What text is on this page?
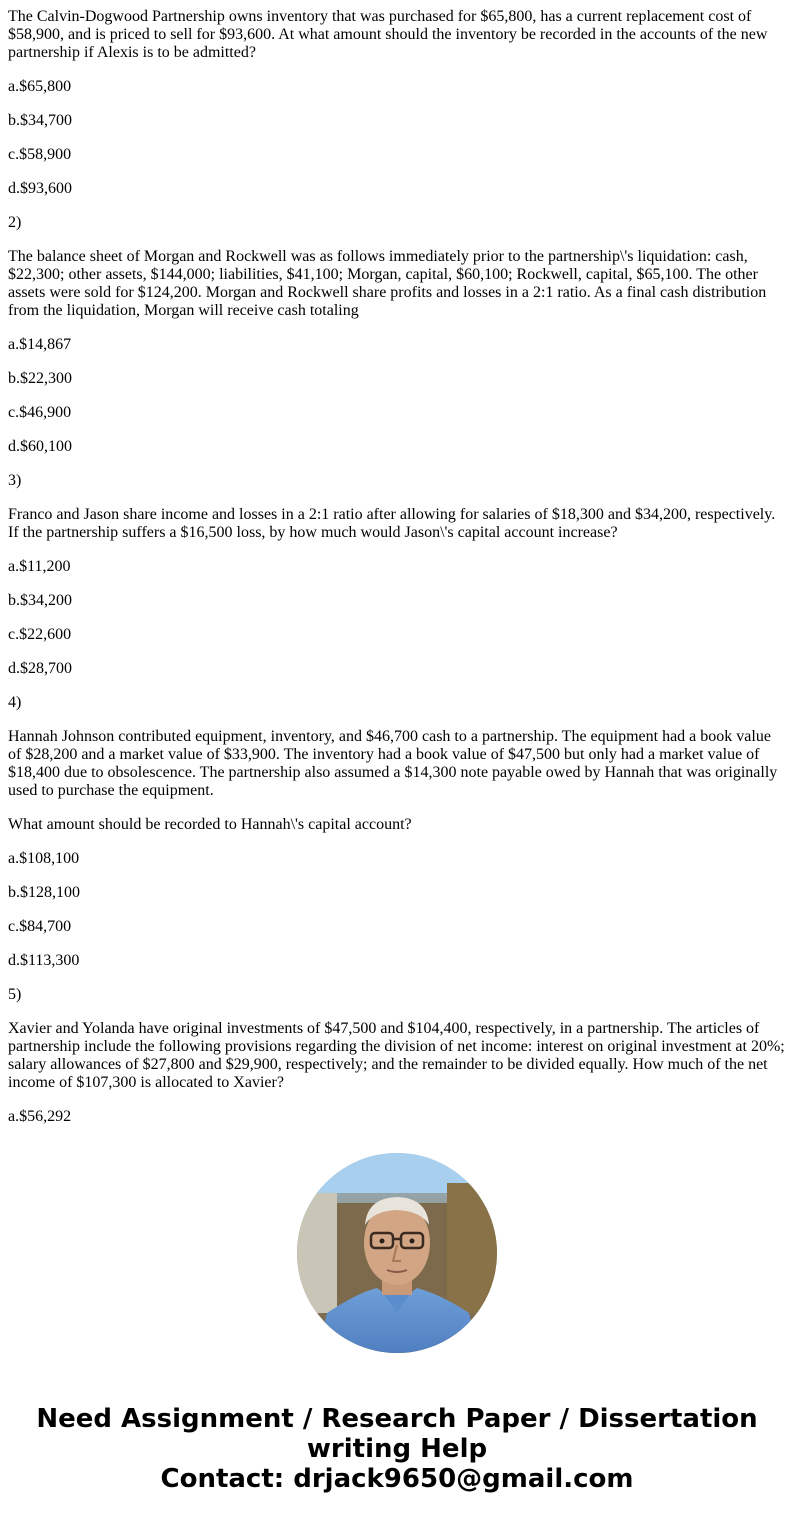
The Calvin-Dogwood Partnership owns inventory that was purchased for $65,800, has a current replacement cost of $58,900, and is priced to sell for $93,600. At what amount should the inventory be recorded in the accounts of the new partnership if Alexis is to be admitted?

a.$65,800

b.$34,700

c.$58,900

d.$93,600

2)

The balance sheet of Morgan and Rockwell was as follows immediately prior to the partnership\'s liquidation: cash, $22,300; other assets, $144,000; liabilities, $41,100; Morgan, capital, $60,100; Rockwell, capital, $65,100. The other assets were sold for $124,200. Morgan and Rockwell share profits and losses in a 2:1 ratio. As a final cash distribution from the liquidation, Morgan will receive cash totaling

a.$14,867

b.$22,300

c.$46,900

d.$60,100

3)

Franco and Jason share income and losses in a 2:1 ratio after allowing for salaries of $18,300 and $34,200, respectively. If the partnership suffers a $16,500 loss, by how much would Jason\'s capital account increase?

a.$11,200

b.$34,200

c.$22,600

d.$28,700

4)

Hannah Johnson contributed equipment, inventory, and $46,700 cash to a partnership. The equipment had a book value of $28,200 and a market value of $33,900. The inventory had a book value of $47,500 but only had a market value of $18,400 due to obsolescence. The partnership also assumed a $14,300 note payable owed by Hannah that was originally used to purchase the equipment.

What amount should be recorded to Hannah\'s capital account?

a.$108,100

b.$128,100

c.$84,700

d.$113,300

5)

Xavier and Yolanda have original investments of $47,500 and $104,400, respectively, in a partnership. The articles of partnership include the following provisions regarding the division of net income: interest on original investment at 20%; salary allowances of $27,800 and $29,900, respectively; and the remainder to be divided equally. How much of the net income of $107,300 is allocated to Xavier?

a.$56,292

Need Assignment / Research Paper / Dissertation
writing Help
Contact: drjack9650@gmail.com
